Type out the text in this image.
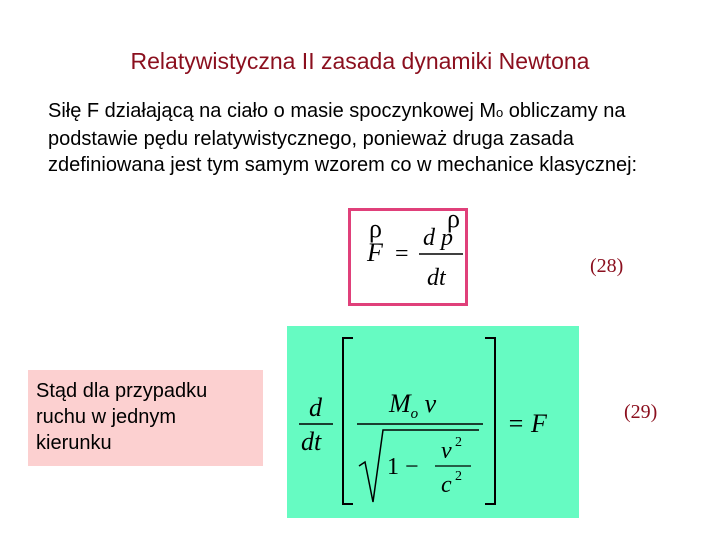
Relatywistyczna II zasada dynamiki Newtona
Siłę F działającą na ciało o masie spoczynkowej Mo obliczamy na podstawie pędu relatywistycznego, ponieważ druga zasada zdefiniowana jest tym samym wzorem co w mechanice klasycznej:
ρ	ρ
F =
d p
dt	(28)
Stąd dla przypadku ruchu w jednym kierunku
d
dt
$M_o$ v
1 −
v 2
c 2
= F	(29)
